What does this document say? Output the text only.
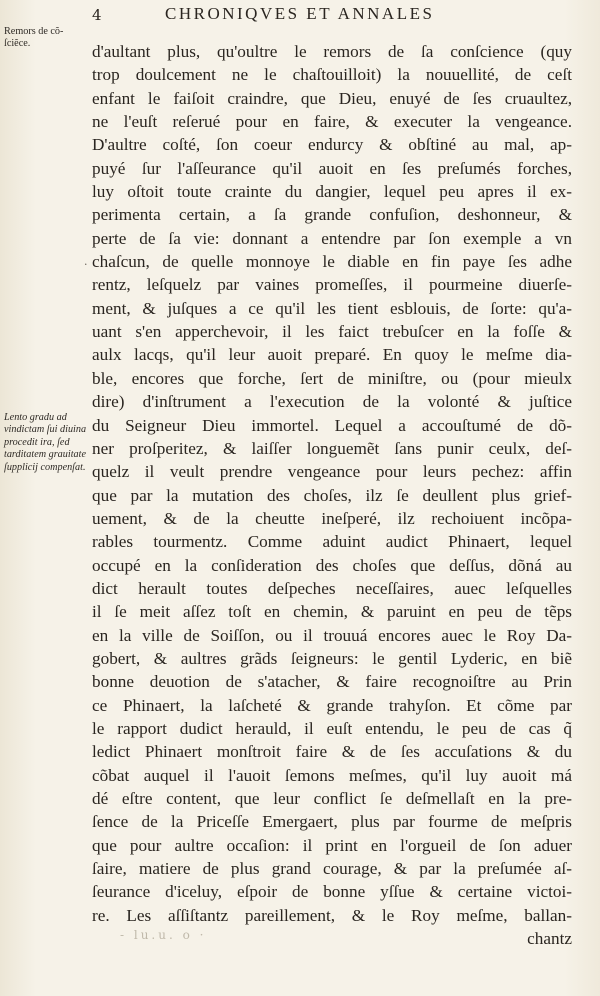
4	CHRONIQVES ET ANNALES
Remors de cõ- ſciẽce.
Lento gradu ad vindictam ſui diuina procedit ira, ſed tarditatem grauitate ſupplicij compenſat.
·
d'aultant plus, qu'oultre le remors de ſa conſcience (quy
trop doulcement ne le chaſtouilloit) la nouuellité, de ceſt
enfant le faiſoit craindre, que Dieu, enuyé de ſes cruaultez,
ne l'euſt reſerué pour en faire, & executer la vengeance.
D'aultre coſté, ſon coeur endurcy & obſtiné au mal, ap-
puyé ſur l'aſſeurance qu'il auoit en ſes preſumés forches,
luy oſtoit toute crainte du dangier, lequel peu apres il ex-
perimenta certain, a ſa grande confuſion, deshonneur, &
perte de ſa vie: donnant a entendre par ſon exemple a vn
chaſcun, de quelle monnoye le diable en fin paye ſes adhe
rentz, leſquelz par vaines promeſſes, il pourmeine diuerſe-
ment, & juſques a ce qu'il les tient esblouis, de ſorte: qu'a-
uant s'en apperchevoir, il les faict trebuſcer en la foſſe &
aulx lacqs, qu'il leur auoit preparé. En quoy le meſme dia-
ble, encores que forche, ſert de miniſtre, ou (pour mieulx
dire) d'inſtrument a l'execution de la volonté & juſtice
du Seigneur Dieu immortel. Lequel a accouſtumé de dõ-
ner proſperitez, & laiſſer longuemẽt ſans punir ceulx, deſ-
quelz il veult prendre vengeance pour leurs pechez: affin
que par la mutation des choſes, ilz ſe deullent plus grief-
uement, & de la cheutte ineſperé, ilz rechoiuent incõpa-
rables tourmentz. Comme aduint audict Phinaert, lequel
occupé en la conſideration des choſes que deſſus, dõná au
dict herault toutes deſpeches neceſſaires, auec leſquelles
il ſe meit aſſez toſt en chemin, & paruint en peu de tẽps
en la ville de Soiſſon, ou il trouuá encores auec le Roy Da-
gobert, & aultres grãds ſeigneurs: le gentil Lyderic, en biẽ
bonne deuotion de s'atacher, & faire recognoiſtre au Prin
ce Phinaert, la laſcheté & grande trahyſon. Et cõme par
le rapport dudict herauld, il euſt entendu, le peu de cas q̃
ledict Phinaert monſtroit faire & de ſes accuſations & du
cõbat auquel il l'auoit ſemons meſmes, qu'il luy auoit má
dé eſtre content, que leur conflict ſe deſmellaſt en la pre-
ſence de la Priceſſe Emergaert, plus par fourme de meſpris
que pour aultre occaſion: il print en l'orgueil de ſon aduer
ſaire, matiere de plus grand courage, & par la preſumée aſ-
ſeurance d'iceluy, eſpoir de bonne yſſue & certaine victoi-
re. Les aſſiſtantz pareillement, & le Roy meſme, ballan-
chantz
- lu.u. o ·
